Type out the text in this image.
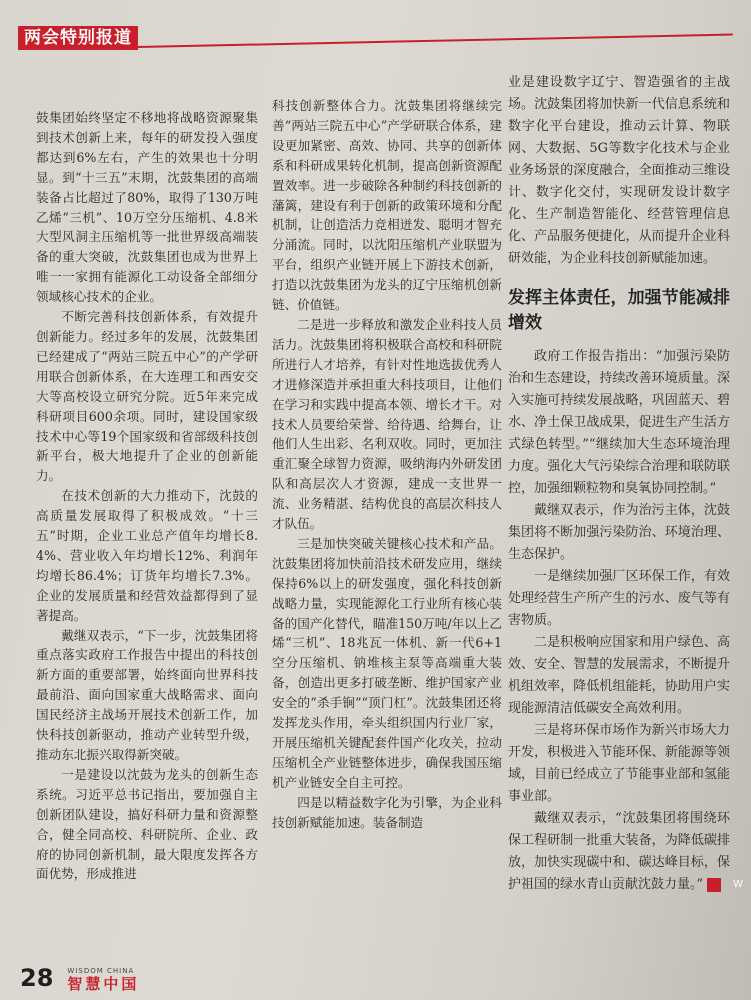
两会特别报道

鼓集团始终坚定不移地将战略资源聚集到技术创新上来，每年的研发投入强度都达到6%左右，产生的效果也十分明显。到“十三五”末期，沈鼓集团的高端装备占比超过了80%，取得了130万吨乙烯“三机”、10万空分压缩机、4.8米大型风洞主压缩机等一批世界级高端装备的重大突破，沈鼓集团也成为世界上唯一一家拥有能源化工动设备全部细分领域核心技术的企业。

不断完善科技创新体系，有效提升创新能力。经过多年的发展，沈鼓集团已经建成了“两站三院五中心”的产学研用联合创新体系，在大连理工和西安交大等高校设立研究分院。近5年来完成科研项目600余项。同时，建设国家级技术中心等19个国家级和省部级科技创新平台，极大地提升了企业的创新能力。

在技术创新的大力推动下，沈鼓的高质量发展取得了积极成效。“十三五”时期，企业工业总产值年均增长8.4%、营业收入年均增长12%、利润年均增长86.4%；订货年均增长7.3%。企业的发展质量和经营效益都得到了显著提高。

戴继双表示，“下一步，沈鼓集团将重点落实政府工作报告中提出的科技创新方面的重要部署，始终面向世界科技最前沿、面向国家重大战略需求、面向国民经济主战场开展技术创新工作，加快科技创新驱动，推动产业转型升级，推动东北振兴取得新突破。

一是建设以沈鼓为龙头的创新生态系统。习近平总书记指出，要加强自主创新团队建设，搞好科研力量和资源整合，健全同高校、科研院所、企业、政府的协同创新机制，最大限度发挥各方面优势，形成推进

科技创新整体合力。沈鼓集团将继续完善“两站三院五中心”产学研联合体系，建设更加紧密、高效、协同、共享的创新体系和科研成果转化机制，提高创新资源配置效率。进一步破除各种制约科技创新的藩篱，建设有利于创新的政策环境和分配机制，让创造活力竞相迸发、聪明才智充分涌流。同时，以沈阳压缩机产业联盟为平台，组织产业链开展上下游技术创新，打造以沈鼓集团为龙头的辽宁压缩机创新链、价值链。

二是进一步释放和激发企业科技人员活力。沈鼓集团将积极联合高校和科研院所进行人才培养，有针对性地选拔优秀人才进修深造并承担重大科技项目，让他们在学习和实践中提高本领、增长才干。对技术人员要给荣誉、给待遇、给舞台，让他们人生出彩、名利双收。同时，更加注重汇聚全球智力资源，吸纳海内外研发团队和高层次人才资源，建成一支世界一流、业务精湛、结构优良的高层次科技人才队伍。

三是加快突破关键核心技术和产品。沈鼓集团将加快前沿技术研发应用，继续保持6%以上的研发强度，强化科技创新战略力量，实现能源化工行业所有核心装备的国产化替代，瞄准150万吨/年以上乙烯“三机”、18兆瓦一体机、新一代6+1空分压缩机、钠堆核主泵等高端重大装备，创造出更多打破垄断、维护国家产业安全的“杀手锏”“顶门杠”。沈鼓集团还将发挥龙头作用，牵头组织国内行业厂家，开展压缩机关键配套件国产化攻关，拉动压缩机全产业链整体进步，确保我国压缩机产业链安全自主可控。

四是以精益数字化为引擎，为企业科技创新赋能加速。装备制造

业是建设数字辽宁、智造强省的主战场。沈鼓集团将加快新一代信息系统和数字化平台建设，推动云计算、物联网、大数据、5G等数字化技术与企业业务场景的深度融合，全面推动三维设计、数字化交付，实现研发设计数字化、生产制造智能化、经营管理信息化、产品服务便捷化，从而提升企业科研效能，为企业科技创新赋能加速。

发挥主体责任，加强节能减排增效

政府工作报告指出：“加强污染防治和生态建设，持续改善环境质量。深入实施可持续发展战略，巩固蓝天、碧水、净土保卫战成果，促进生产生活方式绿色转型。”“继续加大生态环境治理力度。强化大气污染综合治理和联防联控，加强细颗粒物和臭氧协同控制。”

戴继双表示，作为治污主体，沈鼓集团将不断加强污染防治、环境治理、生态保护。

一是继续加强厂区环保工作，有效处理经营生产所产生的污水、废气等有害物质。

二是积极响应国家和用户绿色、高效、安全、智慧的发展需求，不断提升机组效率，降低机组能耗，协助用户实现能源清洁低碳安全高效利用。

三是将环保市场作为新兴市场大力开发，积极进入节能环保、新能源等领域，目前已经成立了节能事业部和氢能事业部。

戴继双表示，“沈鼓集团将围绕环保工程研制一批重大装备，为降低碳排放，加快实现碳中和、碳达峰目标，保护祖国的绿水青山贡献沈鼓力量。”	W

28 WISDOM CHINA
智慧中国
